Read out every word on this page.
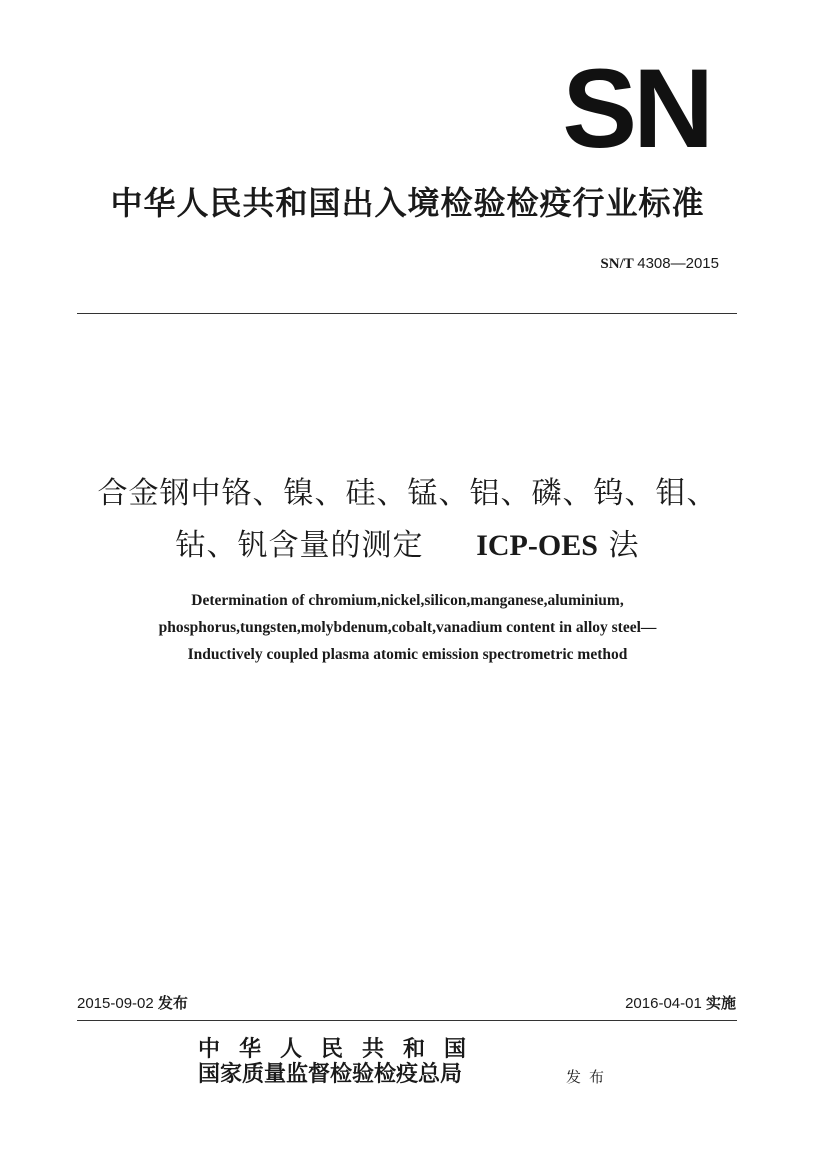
SN
中华人民共和国出入境检验检疫行业标准
SN/T 4308—2015
合金钢中铬、镍、硅、锰、铝、磷、钨、钼、
钴、钒含量的测定 ICP-OES 法
Determination of chromium,nickel,silicon,manganese,aluminium,
phosphorus,tungsten,molybdenum,cobalt,vanadium content in alloy steel—
Inductively coupled plasma atomic emission spectrometric method
2015-09-02 发布	2016-04-01 实施
中华人民共和国
国家质量监督检验检疫总局	发布
